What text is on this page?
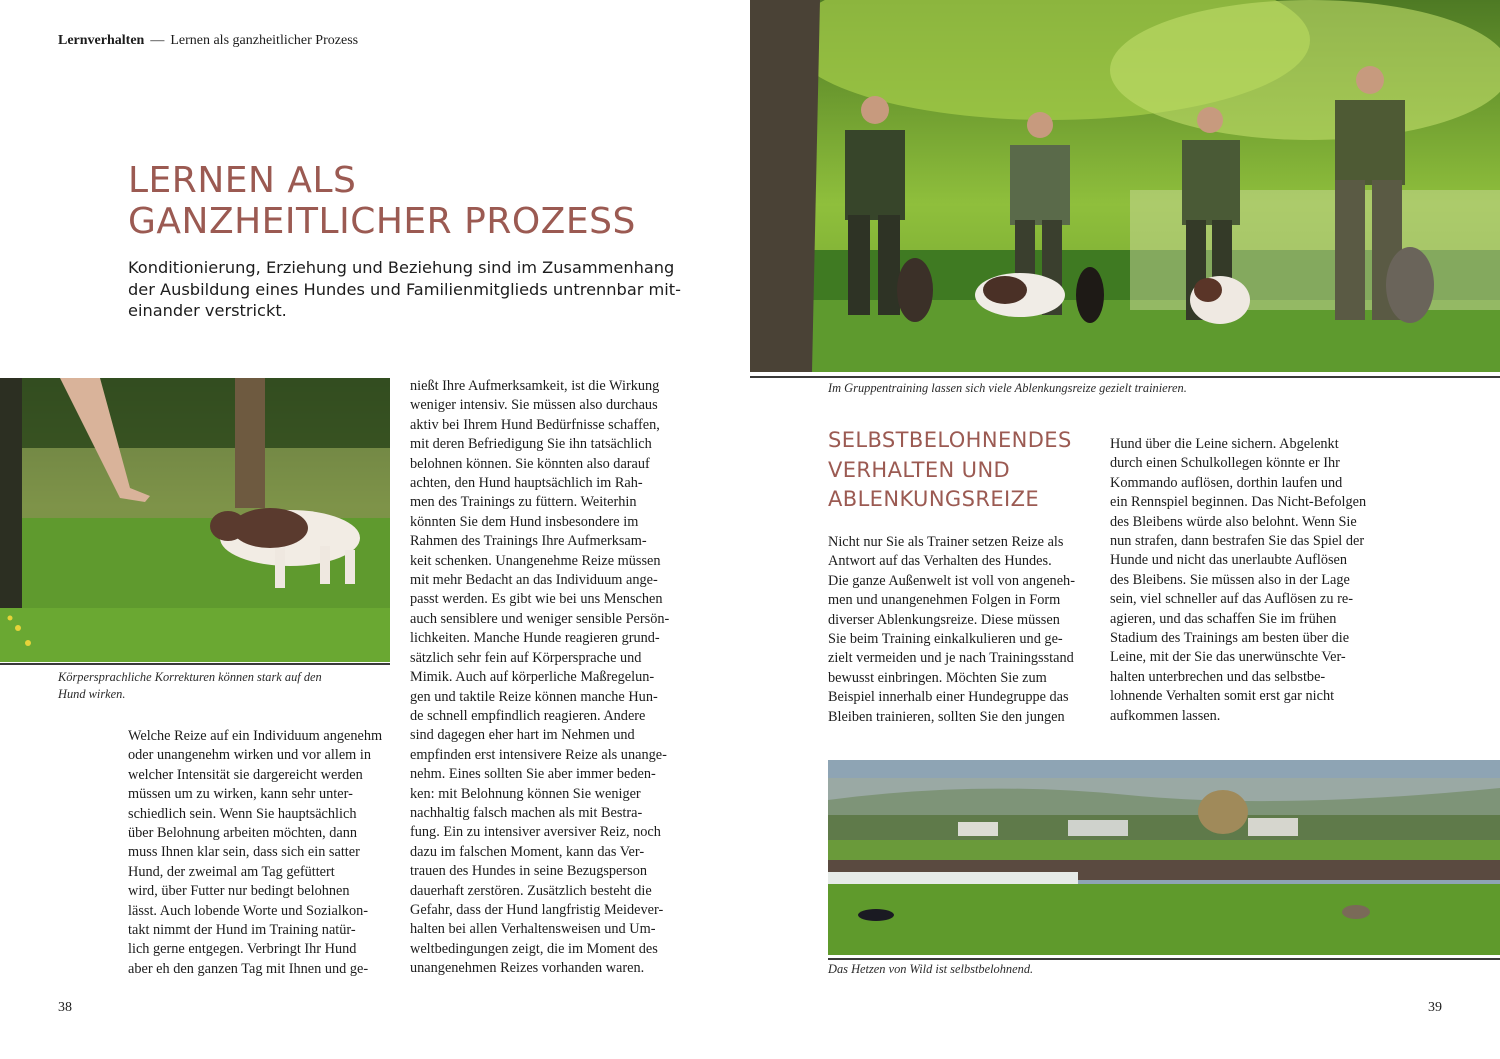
Lernverhalten — Lernen als ganzheitlicher Prozess
LERNEN ALS
GANZHEITLICHER PROZESS
Konditionierung, Erziehung und Beziehung sind im Zusammenhang
der Ausbildung eines Hundes und Familienmitglieds untrennbar mit-
einander verstrickt.
Körpersprachliche Korrekturen können stark auf den
Hund wirken.
Welche Reize auf ein Individuum angenehm
oder unangenehm wirken und vor allem in
welcher Intensität sie dargereicht werden
müssen um zu wirken, kann sehr unter-
schiedlich sein. Wenn Sie hauptsächlich
über Belohnung arbeiten möchten, dann
muss Ihnen klar sein, dass sich ein satter
Hund, der zweimal am Tag gefüttert
wird, über Futter nur bedingt belohnen
lässt. Auch lobende Worte und Sozialkon-
takt nimmt der Hund im Training natür-
lich gerne entgegen. Verbringt Ihr Hund
aber eh den ganzen Tag mit Ihnen und ge-
nießt Ihre Aufmerksamkeit, ist die Wirkung
weniger intensiv. Sie müssen also durchaus
aktiv bei Ihrem Hund Bedürfnisse schaffen,
mit deren Befriedigung Sie ihn tatsächlich
belohnen können. Sie könnten also darauf
achten, den Hund hauptsächlich im Rah-
men des Trainings zu füttern. Weiterhin
könnten Sie dem Hund insbesondere im
Rahmen des Trainings Ihre Aufmerksam-
keit schenken. Unangenehme Reize müssen
mit mehr Bedacht an das Individuum ange-
passt werden. Es gibt wie bei uns Menschen
auch sensiblere und weniger sensible Persön-
lichkeiten. Manche Hunde reagieren grund-
sätzlich sehr fein auf Körpersprache und
Mimik. Auch auf körperliche Maßregelun-
gen und taktile Reize können manche Hun-
de schnell empfindlich reagieren. Andere
sind dagegen eher hart im Nehmen und
empfinden erst intensivere Reize als unange-
nehm. Eines sollten Sie aber immer beden-
ken: mit Belohnung können Sie weniger
nachhaltig falsch machen als mit Bestra-
fung. Ein zu intensiver aversiver Reiz, noch
dazu im falschen Moment, kann das Ver-
trauen des Hundes in seine Bezugsperson
dauerhaft zerstören. Zusätzlich besteht die
Gefahr, dass der Hund langfristig Meidever-
halten bei allen Verhaltensweisen und Um-
weltbedingungen zeigt, die im Moment des
unangenehmen Reizes vorhanden waren.
38
Im Gruppentraining lassen sich viele Ablenkungsreize gezielt trainieren.
SELBSTBELOHNENDES
VERHALTEN UND
ABLENKUNGSREIZE
Nicht nur Sie als Trainer setzen Reize als
Antwort auf das Verhalten des Hundes.
Die ganze Außenwelt ist voll von angeneh-
men und unangenehmen Folgen in Form
diverser Ablenkungsreize. Diese müssen
Sie beim Training einkalkulieren und ge-
zielt vermeiden und je nach Trainingsstand
bewusst einbringen. Möchten Sie zum
Beispiel innerhalb einer Hundegruppe das
Bleiben trainieren, sollten Sie den jungen
Hund über die Leine sichern. Abgelenkt
durch einen Schulkollegen könnte er Ihr
Kommando auflösen, dorthin laufen und
ein Rennspiel beginnen. Das Nicht-Befolgen
des Bleibens würde also belohnt. Wenn Sie
nun strafen, dann bestrafen Sie das Spiel der
Hunde und nicht das unerlaubte Auflösen
des Bleibens. Sie müssen also in der Lage
sein, viel schneller auf das Auflösen zu re-
agieren, und das schaffen Sie im frühen
Stadium des Trainings am besten über die
Leine, mit der Sie das unerwünschte Ver-
halten unterbrechen und das selbstbe-
lohnende Verhalten somit erst gar nicht
aufkommen lassen.
Das Hetzen von Wild ist selbstbelohnend.
39
